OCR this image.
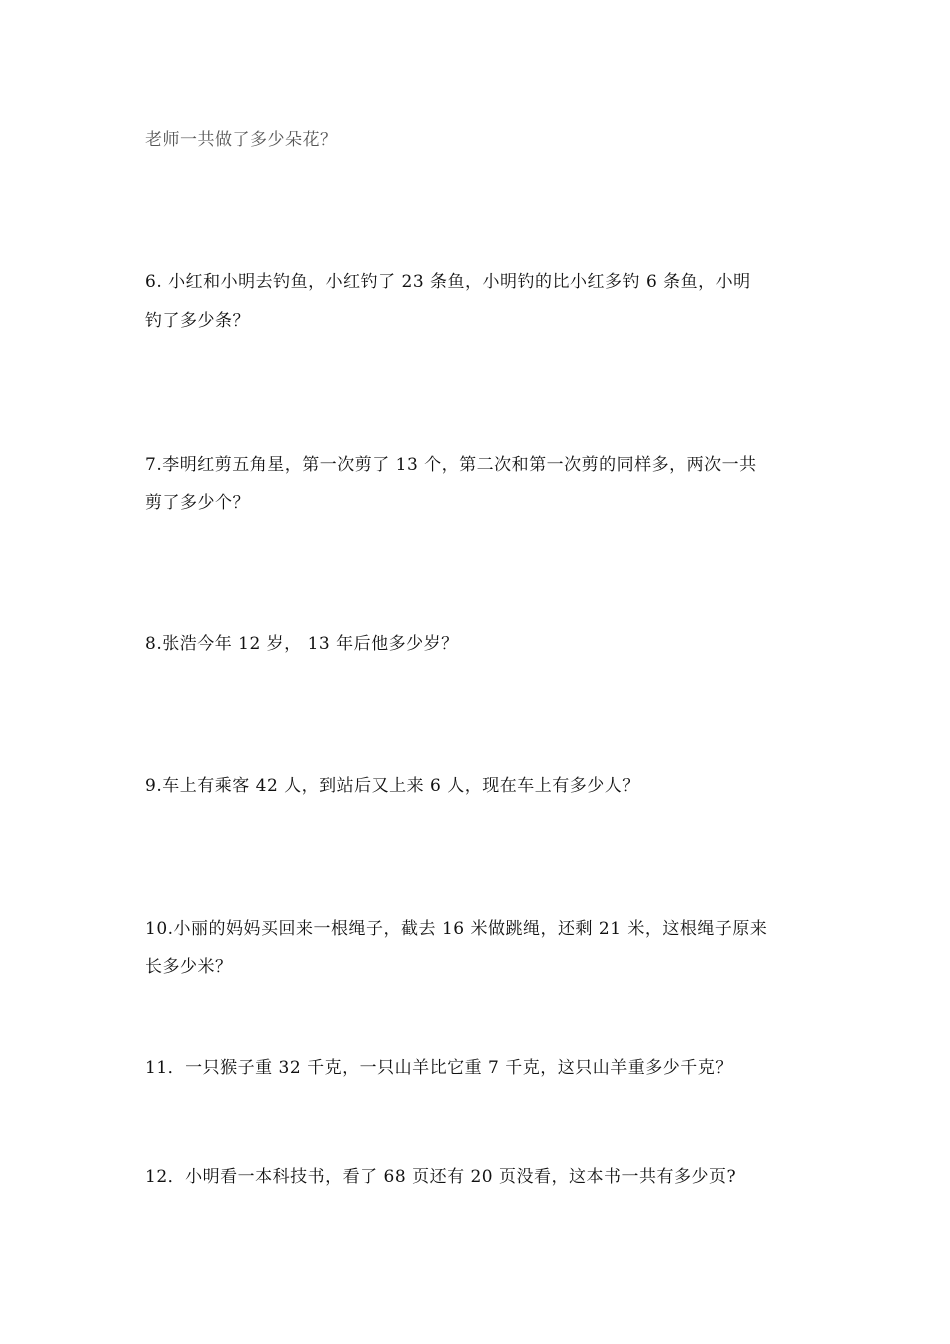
老师一共做了多少朵花？
6. 小红和小明去钓鱼，小红钓了 23 条鱼，小明钓的比小红多钓 6 条鱼，小明
钓了多少条？
7.李明红剪五角星，第一次剪了 13 个，第二次和第一次剪的同样多，两次一共
剪了多少个？
8.张浩今年 12 岁， 13 年后他多少岁？
9.车上有乘客 42 人，到站后又上来 6 人，现在车上有多少人？
10.小丽的妈妈买回来一根绳子，截去 16 米做跳绳，还剩 21 米，这根绳子原来
长多少米？
11．一只猴子重 32 千克，一只山羊比它重 7 千克，这只山羊重多少千克？
12．小明看一本科技书，看了 68 页还有 20 页没看，这本书一共有多少页?
